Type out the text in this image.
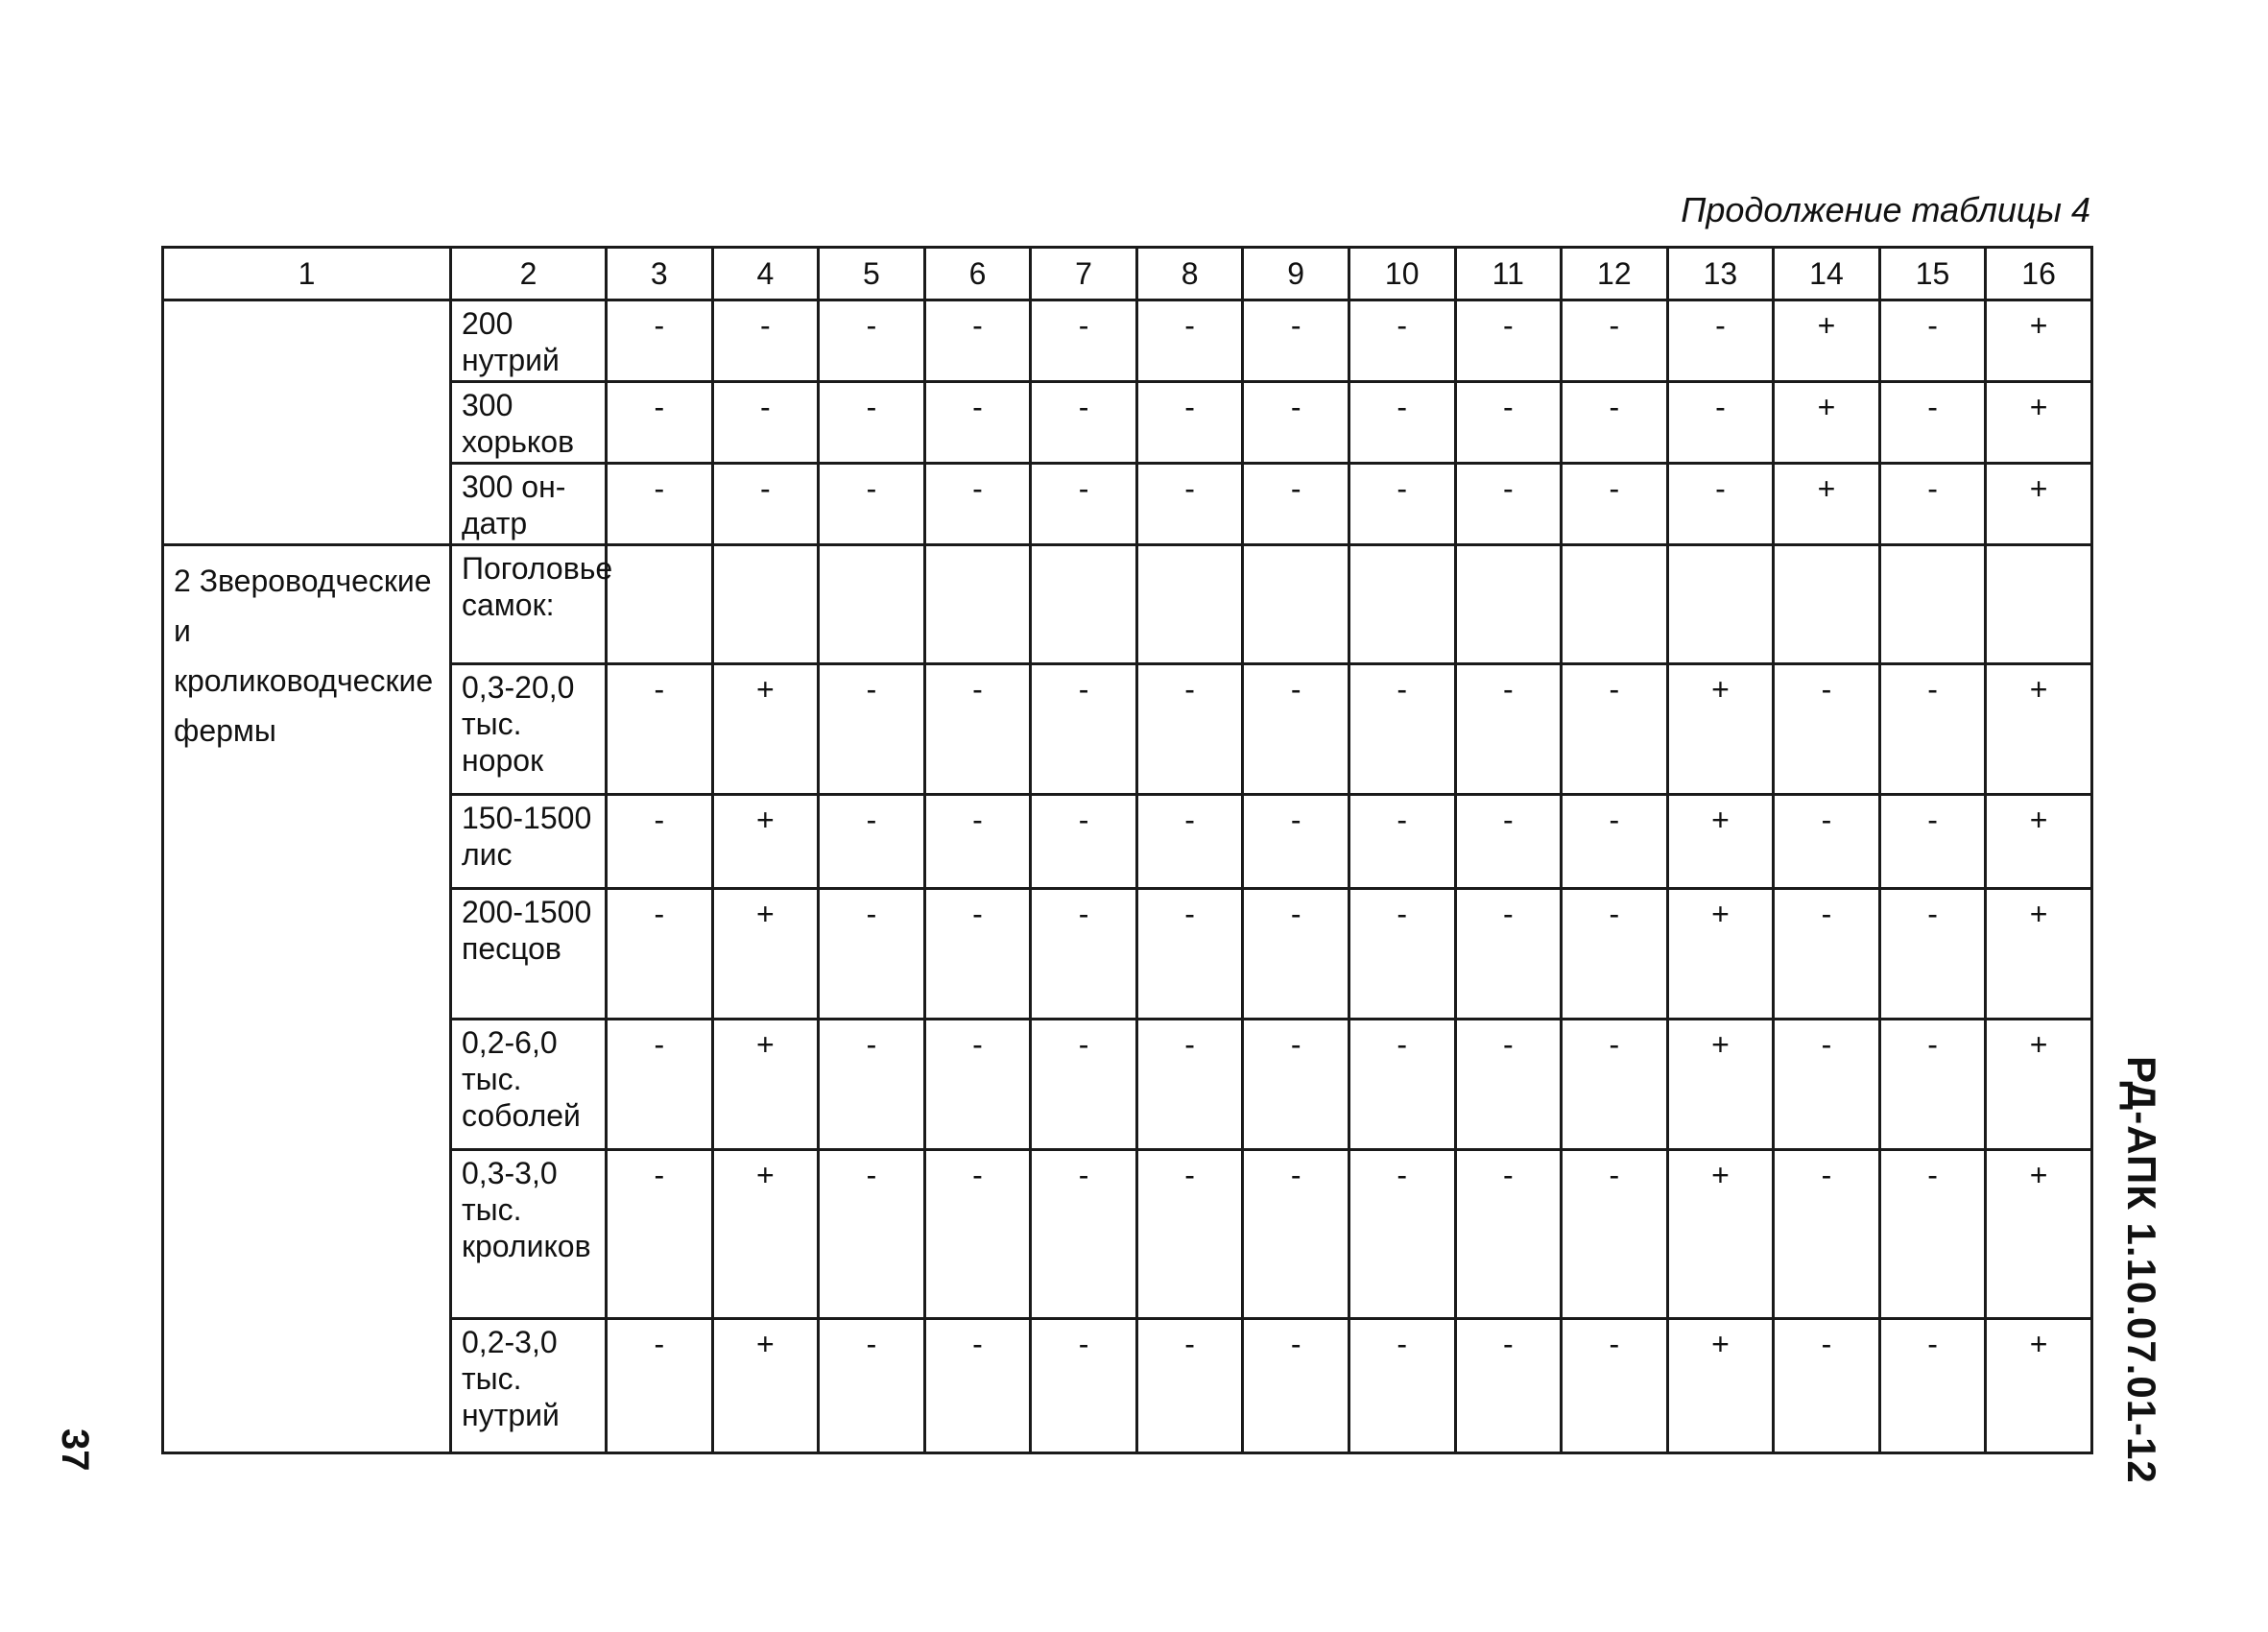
Продолжение таблицы 4
1	2	3	4	5	6	7	8	9	10	11	12	13	14	15	16
	200 нутрий	-	-	-	-	-	-	-	-	-	-	-	+	-	+
	300 хорьков	-	-	-	-	-	-	-	-	-	-	-	+	-	+
	300 он-датр	-	-	-	-	-	-	-	-	-	-	-	+	-	+
2 Звероводческие и кролиководческие фермы	Поголовье самок:														
	0,3-20,0 тыс. норок	-	+	-	-	-	-	-	-	-	-	+	-	-	+
	150-1500 лис	-	+	-	-	-	-	-	-	-	-	+	-	-	+
	200-1500 песцов	-	+	-	-	-	-	-	-	-	-	+	-	-	+
	0,2-6,0 тыс. соболей	-	+	-	-	-	-	-	-	-	-	+	-	-	+
	0,3-3,0 тыс. кроликов	-	+	-	-	-	-	-	-	-	-	+	-	-	+
	0,2-3,0 тыс. нутрий	-	+	-	-	-	-	-	-	-	-	+	-	-	+ РД-АПК 1.10.07.01-12
37
